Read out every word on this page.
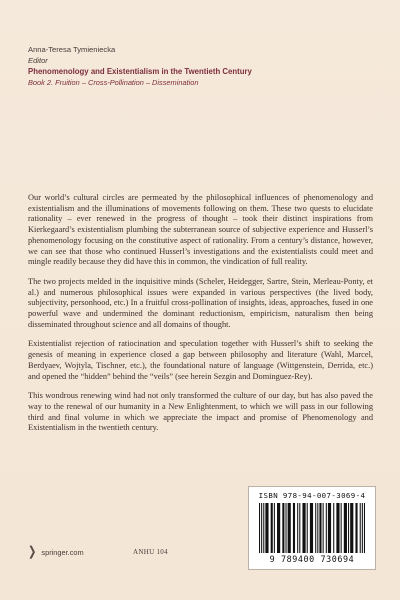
Anna-Teresa Tymieniecka
Editor
Phenomenology and Existentialism in the Twentieth Century
Book 2. Fruition – Cross-Pollination – Dissemination

Our world’s cultural circles are permeated by the philosophical influences of phenomenology and existentialism and the illuminations of movements following on them. These two quests to elucidate rationality – ever renewed in the progress of thought – took their distinct inspirations from Kierkegaard’s existentialism plumbing the subterranean source of subjective experience and Husserl’s phenomenology focusing on the constitutive aspect of rationality. From a century’s distance, however, we can see that those who continued Husserl’s investigations and the existentialists could meet and mingle readily because they did have this in common, the vindication of full reality.

The two projects melded in the inquisitive minds (Scheler, Heidegger, Sartre, Stein, Merleau-Ponty, et al.) and numerous philosophical issues were expanded in various perspectives (the lived body, subjectivity, personhood, etc.) In a fruitful cross-pollination of insights, ideas, approaches, fused in one powerful wave and undermined the dominant reductionism, empiricism, naturalism then being disseminated throughout science and all domains of thought.

Existentialist rejection of ratiocination and speculation together with Husserl’s shift to seeking the genesis of meaning in experience closed a gap between philosophy and literature (Wahl, Marcel, Berdyaev, Wojtyla, Tischner, etc.), the foundational nature of language (Wittgenstein, Derrida, etc.) and opened the “hidden” behind the “veils” (see herein Sezgin and Dominguez-Rey).

This wondrous renewing wind had not only transformed the culture of our day, but has also paved the way to the renewal of our humanity in a New Enlightenment, to which we will pass in our following third and final volume in which we appreciate the impact and promise of Phenomenology and Existentialism in the twentieth century.

ISBN 978-94-007-3069-4
9 789400 730694
❯ springer.com	ANHU 104
